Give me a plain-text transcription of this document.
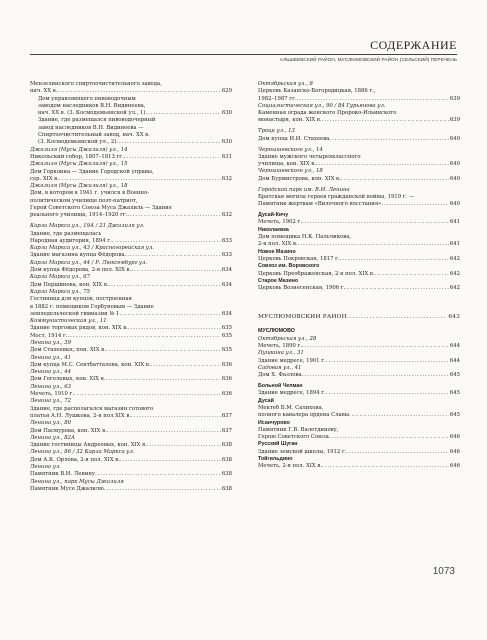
СОДЕРЖАНИЕ
АЛЬШЕЕВСКИЙ РАЙОН, МУСЛЮМОВСКИЙ РАЙОН (СЕЛЬСКИЙ) ПЕРЕЧЕНЬ
Мензелинского спиртоочистительного завода,
нач. ХХ в. .....	629
Дом управляющего пивоводочным
заводом наследников В.Н. Видинеева,
нач. ХХ в. (3. Космодемьянской ул., 1) .....	630
Здание, где размещался пивоводочерный
завод наследников В.Н. Видинеева —
Спиртоочистительный завод, нач. ХХ в.
(3. Космодемьянской ул., 2) .....	630
Джалиля (Мусы Джалиля) ул., 14
Никольский собор, 1807–1813 гг. .....	631
Джалиля (Мусы Джалиля) ул., 15
Дом Горкоина — Здание Городской управы,
сер. XIX в. .....	632
Джалиля (Мусы Джалиля) ул., 18
Дом, в котором в 1941 г. учился в Военно-
политическом училище поэт-патриот,
Герой Советского Союза Муса Джалиль — Здание
реального училища, 1914–1920 гг. .....	632
Карла Маркса ул., 19А / 21 Джалиля ул.
Здание, где размещалась
Народная аудитория, 1894 г. .....	633
Карла Маркса ул., 43 / Красногорейская ул.
Здание магазина купца Фёдорова .....	633
Карла Маркса ул., 44 / Р. Люксембург ул.
Дом купца Фёдорова, 2-я пол. XIX в. .....	634
Карла Маркса ул., 67
Дом Першинова, кон. XIX в. .....	634
Карла Маркса ул., 75
Гостиница для купцов, построенная
в 1882 г. помещиком Горбуновым — Здание
земледельческой гимназии № 1 .....	634
Коммунистическая ул., 11
Здание торговых рядов, кон. XIX в. .....	635
Мост, 1914 г. .....	635
Ленина ул., 39
Дом Стахеевых, пон. XIX в. .....	635
Ленина ул., 41
Дом купца М.С. Сентбатталова, кон. XIX в. .....	636
Ленина ул., 44
Дом Гоголевых, кон. XIX в. .....	636
Ленина ул., 63
Мечеть, 1910 г. .....	636
Ленина ул., 72
Здание, где располагался магазин готового
платья А.Н. Лушкова, 2-я пол XIX в. .....	637
Ленина ул., 80
Дом Пасмурова, кон. XIX в. .....	637
Ленина ул., 82А
Здание гостиницы Андреевых, кон. XIX в. .....	638
Ленина ул., 86 / 32 Карла Маркса ул.
Дом А.К. Орлова, 2-я пол. XIX в. .....	638
Ленина ул.
Памятник В.И. Ленину .....	638
Ленина ул., парк Мусы Джалиля
Памятник Мусе Джалилю .....	638
Октябрьская ул., 8
Церковь Казанско-Богородицкая, 1886 г.,
1982–1987 гг. .....	639
Социалистическая ул., 90 / 84 Гурьянова ул.
Каменная ограда женского Пророко-Ильинского
монастыря, кон. XIX в. .....	639
Троцк ул., 13
Дом купца И.И. Стахеева .....	640
Чернышевского ул., 14
Здание мужского четырехклассного
училища, кон. XIX в. .....	640
Чернышевского ул., 18
Дом Бурмистрова, кон. XIX в. .....	640
Городской парк им. В.И. Ленина
Братская могила героев гражданской войны, 1919 г. —
Памятник жертвам «Вилочного восстания» .....	640
Дусай-Кичу
Мечеть, 1902 г. .....	641
Николаевка
Дом помещика Н.К. Пальчикова,
2-я пол. XIX в. .....	641
Новое Мазино
Церковь Покровская, 1817 г. .....	642
Совхоз им. Воровского
Церковь Преображенская, 2-я пол. XIX в. .....	642
Старое Мазино
Церковь Вознесенская, 1906 г. .....	642
МУСЛЮМОВСКИЙ РАЙОН .....	643
МУСЛЮМОВО
Октябрьская ул., 28
Мечеть, 1890 г. .....	644
Пушкина ул., 31
Здание медресе, 1901 г. .....	644
Садовая ул., 41
Дом Х. Фазлова .....	645
Больной Чепман
Здание медресе, 1894 г. .....	645
Дусай
Мектеб Б.М. Салихова,
полного кавалера ордена Славы .....	645
Исанчурово
Памятник Г.В. Валетдинову,
Герою Советского Союза .....	646
Русский Шуган
Здание земской школы, 1912 г. .....	646
Тойгильдино
Мечеть, 2-я пол. XIX в. .....	646
1073
